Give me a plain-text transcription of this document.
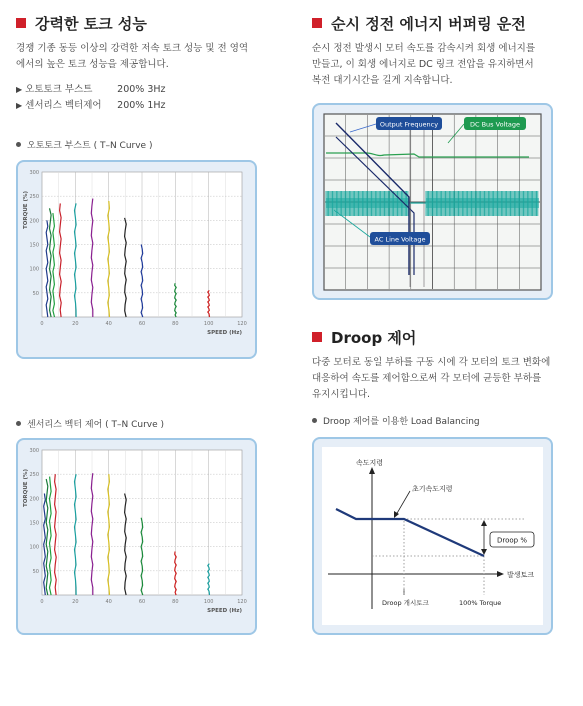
강력한 토크 성능
경쟁 기종 동등 이상의 강력한 저속 토크 성능 및 전 영역
에서의 높은 토크 성능을 제공합니다.
▶ 오토토크 부스트	200% 3Hz
▶ 센서리스 벡터제어 200% 1Hz
오토토크 부스트 ( T–N Curve )
50
100
150
200
250
300
0	20	40	60	80	100	120
TORQUE (%)
SPEED (Hz)
센서리스 벡터 제어 ( T–N Curve )
50
100
150
200
250
300
0	20	40	60	80	100	120
TORQUE (%)
SPEED (Hz)
순시 정전 에너지 버퍼링 운전
순시 정전 발생시 모터 속도를 감속시켜 회생 에너지를
만들고, 이 회생 에너지로 DC 링크 전압을 유지하면서
복전 대기시간을 길게 지속합니다.
Output Frequency	DC Bus Voltage
AC Line Voltage
Droop 제어
다중 모터로 동일 부하를 구동 시에 각 모터의 토크 변화에
대응하여 속도를 제어함으로써 각 모터에 균등한 부하를
유지시킵니다.
Droop 제어를 이용한 Load Balancing
속도지령
초기속도지령
Droop %
발생토크
Droop 개시토크	100% Torque
